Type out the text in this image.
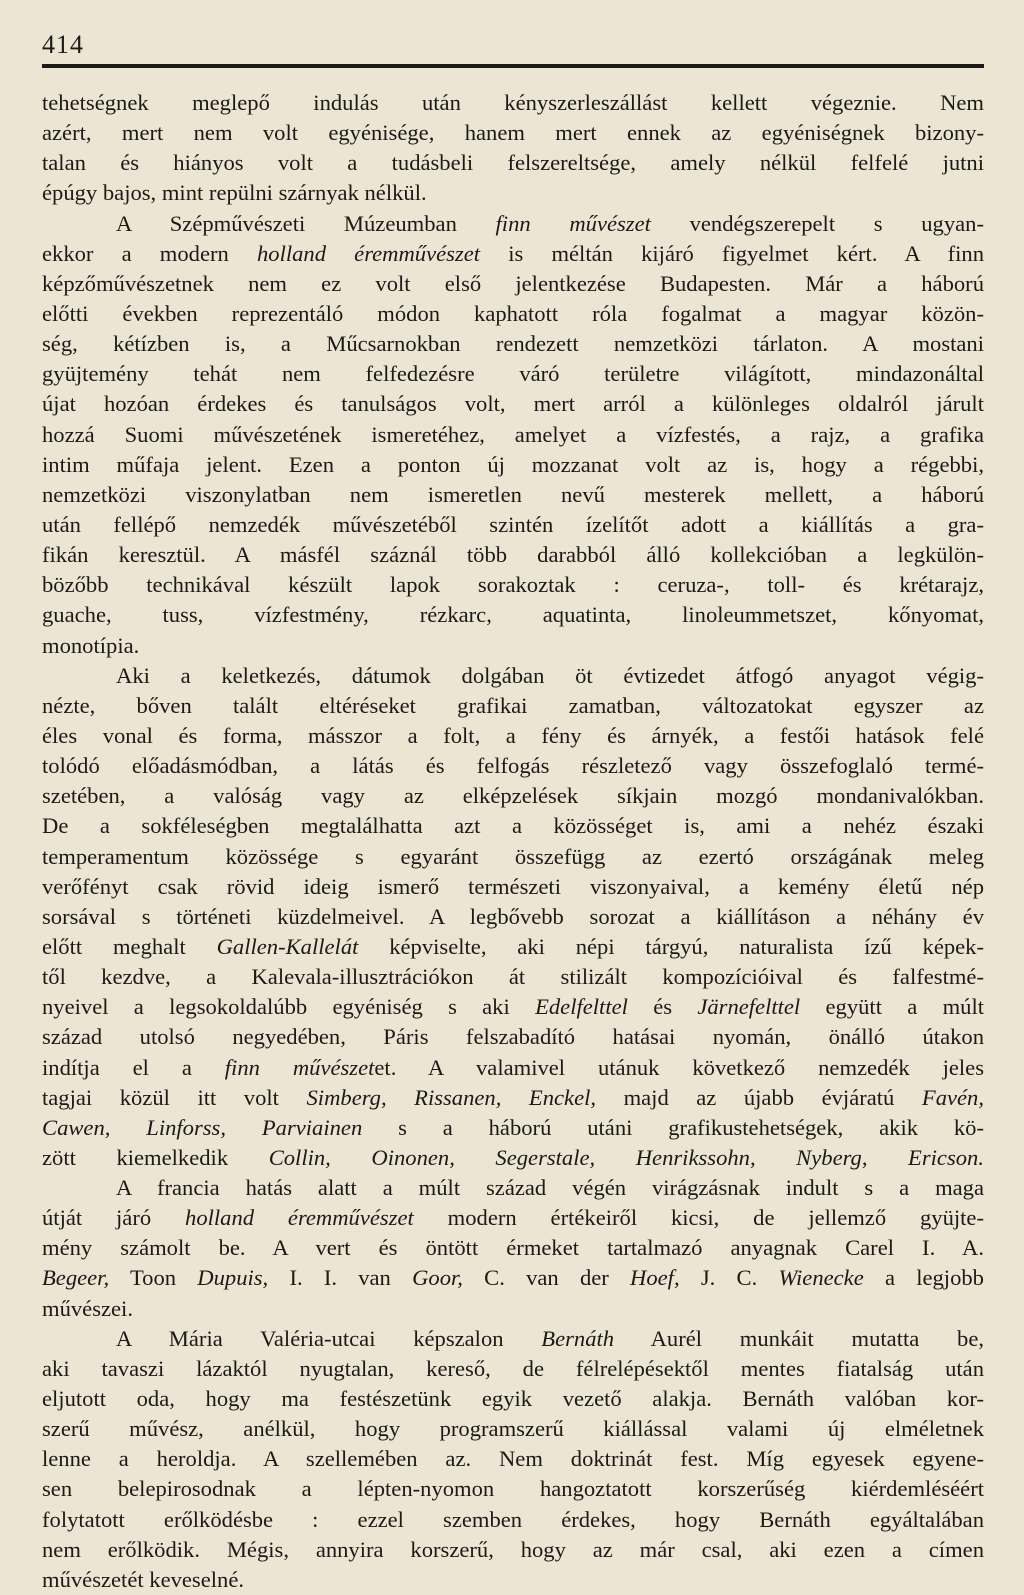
414
tehetségnek meglepő indulás után kényszerleszállást kellett végeznie. Nem
azért, mert nem volt egyénisége, hanem mert ennek az egyéniségnek bizony-
talan és hiányos volt a tudásbeli felszereltsége, amely nélkül felfelé jutni
épúgy bajos, mint repülni szárnyak nélkül.
A Szépművészeti Múzeumban finn művészet vendégszerepelt s ugyan-
ekkor a modern holland éremművészet is méltán kijáró figyelmet kért. A finn
képzőművészetnek nem ez volt első jelentkezése Budapesten. Már a háború
előtti években reprezentáló módon kaphatott róla fogalmat a magyar közön-
ség, kétízben is, a Műcsarnokban rendezett nemzetközi tárlaton. A mostani
gyüjtemény tehát nem felfedezésre váró területre világított, mindazonáltal
újat hozóan érdekes és tanulságos volt, mert arról a különleges oldalról járult
hozzá Suomi művészetének ismeretéhez, amelyet a vízfestés, a rajz, a grafika
intim műfaja jelent. Ezen a ponton új mozzanat volt az is, hogy a régebbi,
nemzetközi viszonylatban nem ismeretlen nevű mesterek mellett, a háború
után fellépő nemzedék művészetéből szintén ízelítőt adott a kiállítás a gra-
fikán keresztül. A másfél száznál több darabból álló kollekcióban a legkülön-
bözőbb technikával készült lapok sorakoztak : ceruza-, toll- és krétarajz,
guache, tuss, vízfestmény, rézkarc, aquatinta, linoleummetszet, kőnyomat,
monotípia.
Aki a keletkezés, dátumok dolgában öt évtizedet átfogó anyagot végig-
nézte, bőven talált eltéréseket grafikai zamatban, változatokat egyszer az
éles vonal és forma, másszor a folt, a fény és árnyék, a festői hatások felé
tolódó előadásmódban, a látás és felfogás részletező vagy összefoglaló termé-
szetében, a valóság vagy az elképzelések síkjain mozgó mondanivalókban.
De a sokféleségben megtalálhatta azt a közösséget is, ami a nehéz északi
temperamentum közössége s egyaránt összefügg az ezertó országának meleg
verőfényt csak rövid ideig ismerő természeti viszonyaival, a kemény életű nép
sorsával s történeti küzdelmeivel. A legbővebb sorozat a kiállításon a néhány év
előtt meghalt Gallen-Kallelát képviselte, aki népi tárgyú, naturalista ízű képek-
től kezdve, a Kalevala-illusztrációkon át stilizált kompozícióival és falfestmé-
nyeivel a legsokoldalúbb egyéniség s aki Edelfelttel és Järnefelttel együtt a múlt
század utolsó negyedében, Páris felszabadító hatásai nyomán, önálló útakon
indítja el a finn művészetet. A valamivel utánuk következő nemzedék jeles
tagjai közül itt volt Simberg, Rissanen, Enckel, majd az újabb évjáratú Favén,
Cawen, Linforss, Parviainen s a háború utáni grafikustehetségek, akik kö-
zött kiemelkedik Collin, Oinonen, Segerstale, Henrikssohn, Nyberg, Ericson.
A francia hatás alatt a múlt század végén virágzásnak indult s a maga
útját járó holland éremművészet modern értékeiről kicsi, de jellemző gyüjte-
mény számolt be. A vert és öntött érmeket tartalmazó anyagnak Carel I. A.
Begeer, Toon Dupuis, I. I. van Goor, C. van der Hoef, J. C. Wienecke a legjobb
művészei.
A Mária Valéria-utcai képszalon Bernáth Aurél munkáit mutatta be,
aki tavaszi lázaktól nyugtalan, kereső, de félrelépésektől mentes fiatalság után
eljutott oda, hogy ma festészetünk egyik vezető alakja. Bernáth valóban kor-
szerű művész, anélkül, hogy programszerű kiállással valami új elméletnek
lenne a heroldja. A szellemében az. Nem doktrinát fest. Míg egyesek egyene-
sen belepirosodnak a lépten-nyomon hangoztatott korszerűség kiérdemléséért
folytatott erőlködésbe : ezzel szemben érdekes, hogy Bernáth egyáltalában
nem erőlködik. Mégis, annyira korszerű, hogy az már csal, aki ezen a címen
művészetét keveselné.
